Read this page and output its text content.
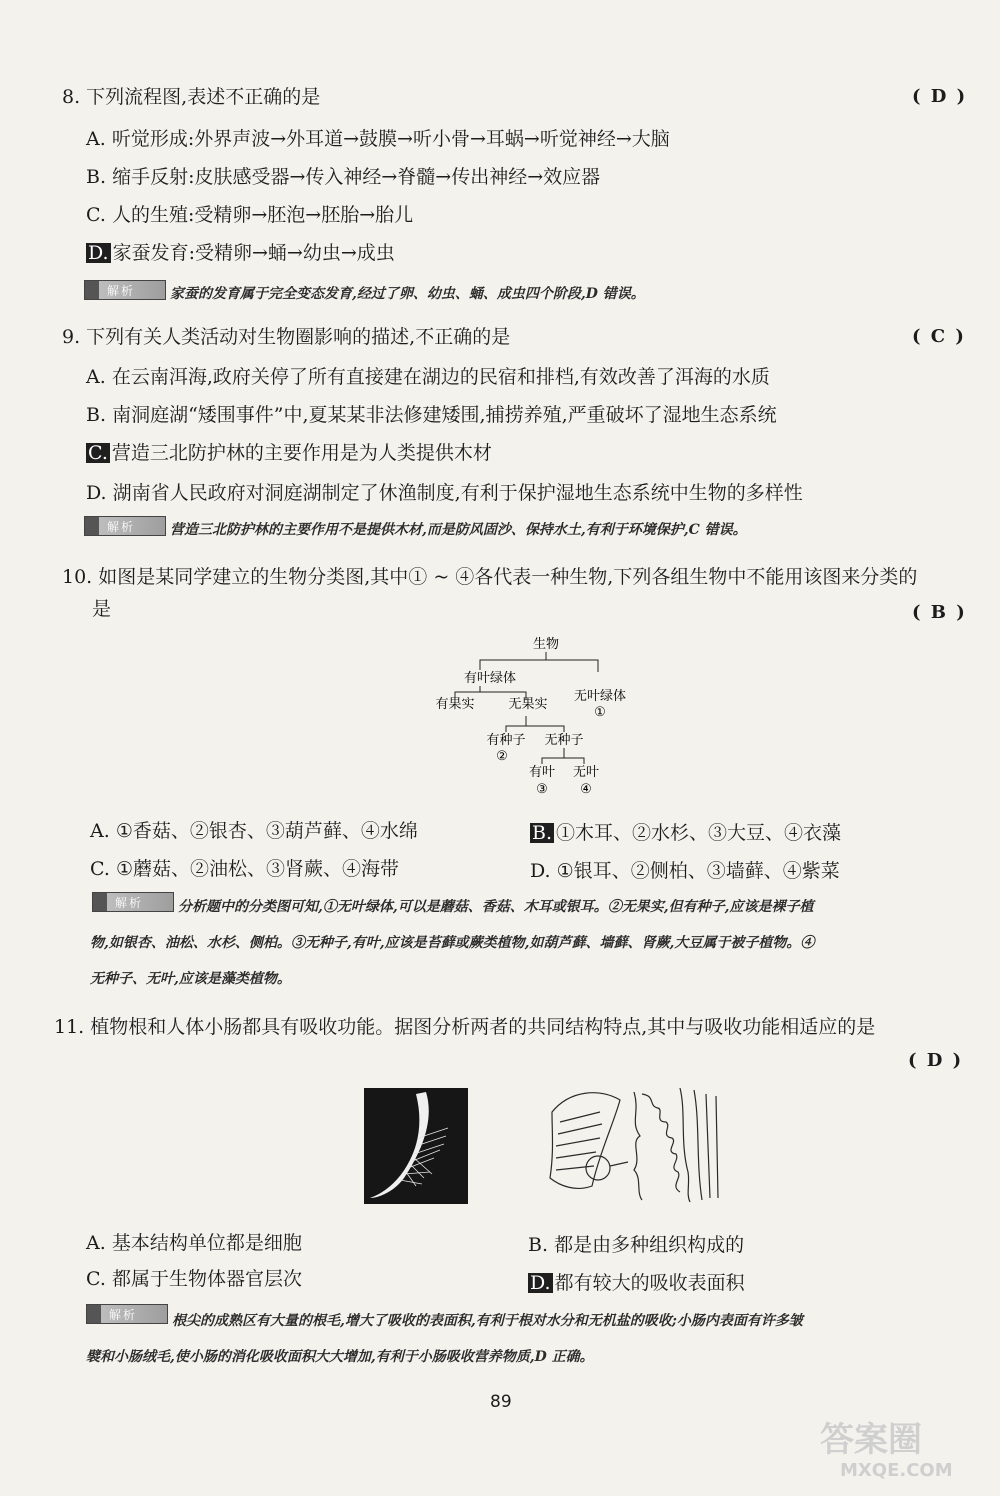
8. 下列流程图,表述不正确的是	( D )
A. 听觉形成:外界声波→外耳道→鼓膜→听小骨→耳蜗→听觉神经→大脑
B. 缩手反射:皮肤感受器→传入神经→脊髓→传出神经→效应器
C. 人的生殖:受精卵→胚泡→胚胎→胎儿
D. 家蚕发育:受精卵→蛹→幼虫→成虫
解析 家蚕的发育属于完全变态发育,经过了卵、幼虫、蛹、成虫四个阶段,D 错误。
9. 下列有关人类活动对生物圈影响的描述,不正确的是	( C )
A. 在云南洱海,政府关停了所有直接建在湖边的民宿和排档,有效改善了洱海的水质
B. 南洞庭湖“矮围事件”中,夏某某非法修建矮围,捕捞养殖,严重破坏了湿地生态系统
C. 营造三北防护林的主要作用是为人类提供木材
D. 湖南省人民政府对洞庭湖制定了休渔制度,有利于保护湿地生态系统中生物的多样性
解析 营造三北防护林的主要作用不是提供木材,而是防风固沙、保持水土,有利于环境保护,C 错误。
10. 如图是某同学建立的生物分类图,其中① ~ ④各代表一种生物,下列各组生物中不能用该图来分类的
是	( B )
生物
有叶绿体
无叶绿体
①
有果实	无果实
有种子
②
无种子
有叶
③
无叶
④
A. ①香菇、②银杏、③葫芦藓、④水绵	B. ①木耳、②水杉、③大豆、④衣藻
C. ①蘑菇、②油松、③肾蕨、④海带	D. ①银耳、②侧柏、③墙藓、④紫菜
解析 分析题中的分类图可知,①无叶绿体,可以是蘑菇、香菇、木耳或银耳。②无果实,但有种子,应该是裸子植
物,如银杏、油松、水杉、侧柏。③无种子,有叶,应该是苔藓或蕨类植物,如葫芦藓、墙藓、肾蕨,大豆属于被子植物。④
无种子、无叶,应该是藻类植物。
11. 植物根和人体小肠都具有吸收功能。据图分析两者的共同结构特点,其中与吸收功能相适应的是
( D )
A. 基本结构单位都是细胞	B. 都是由多种组织构成的
C. 都属于生物体器官层次	D. 都有较大的吸收表面积
解析 根尖的成熟区有大量的根毛,增大了吸收的表面积,有利于根对水分和无机盐的吸收;小肠内表面有许多皱
襞和小肠绒毛,使小肠的消化吸收面积大大增加,有利于小肠吸收营养物质,D 正确。
89
答案圈
MXQE.COM
